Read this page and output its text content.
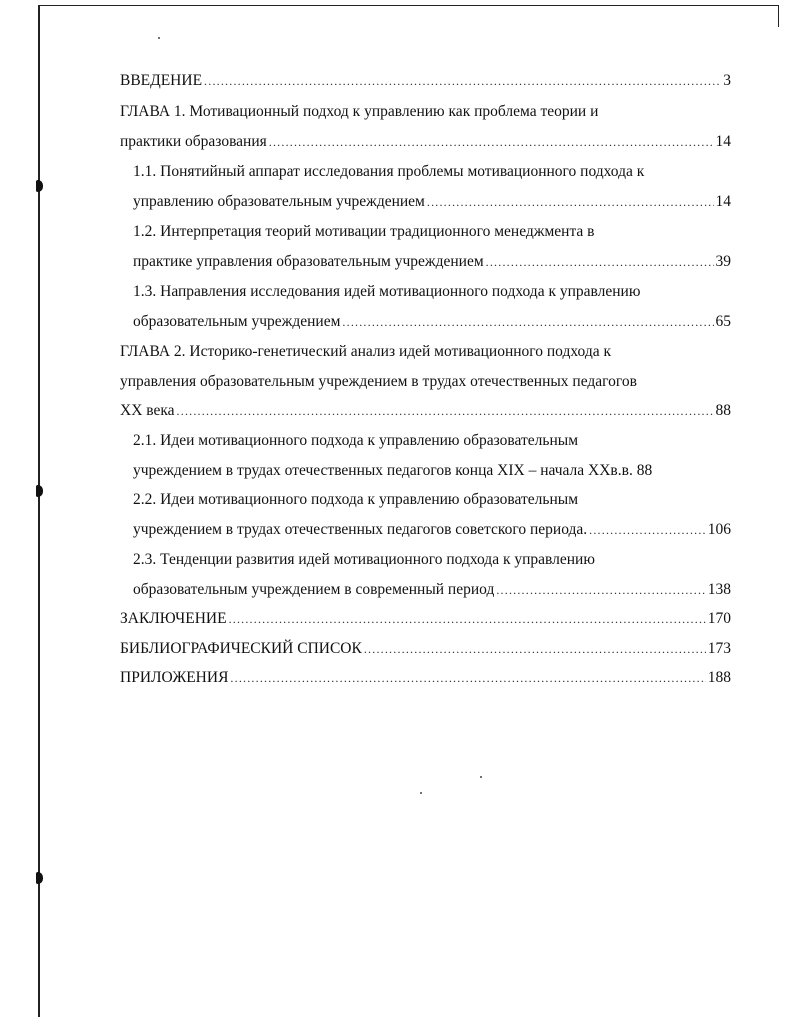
ВВЕДЕНИЕ .....	3
ГЛАВА 1. Мотивационный подход к управлению как проблема теории и
практики образования .....	14
1.1. Понятийный аппарат исследования проблемы мотивационного подхода к
управлению образовательным учреждением .....	14
1.2. Интерпретация теорий мотивации традиционного менеджмента в
практике управления образовательным учреждением .....	39
1.3. Направления исследования идей мотивационного подхода к управлению
образовательным учреждением .....	65
ГЛАВА 2. Историко-генетический анализ идей мотивационного подхода к
управления образовательным учреждением в трудах отечественных педагогов
XX века .....	88
2.1. Идеи мотивационного подхода к управлению образовательным
учреждением в трудах отечественных педагогов конца XIX – начала XXв.в. 88
2.2. Идеи мотивационного подхода к управлению образовательным
учреждением в трудах отечественных педагогов советского периода. .....	106
2.3. Тенденции развития идей мотивационного подхода к управлению
образовательным учреждением в современный период .....	138
ЗАКЛЮЧЕНИЕ .....	170
БИБЛИОГРАФИЧЕСКИЙ СПИСОК .....	173
ПРИЛОЖЕНИЯ .....	188
